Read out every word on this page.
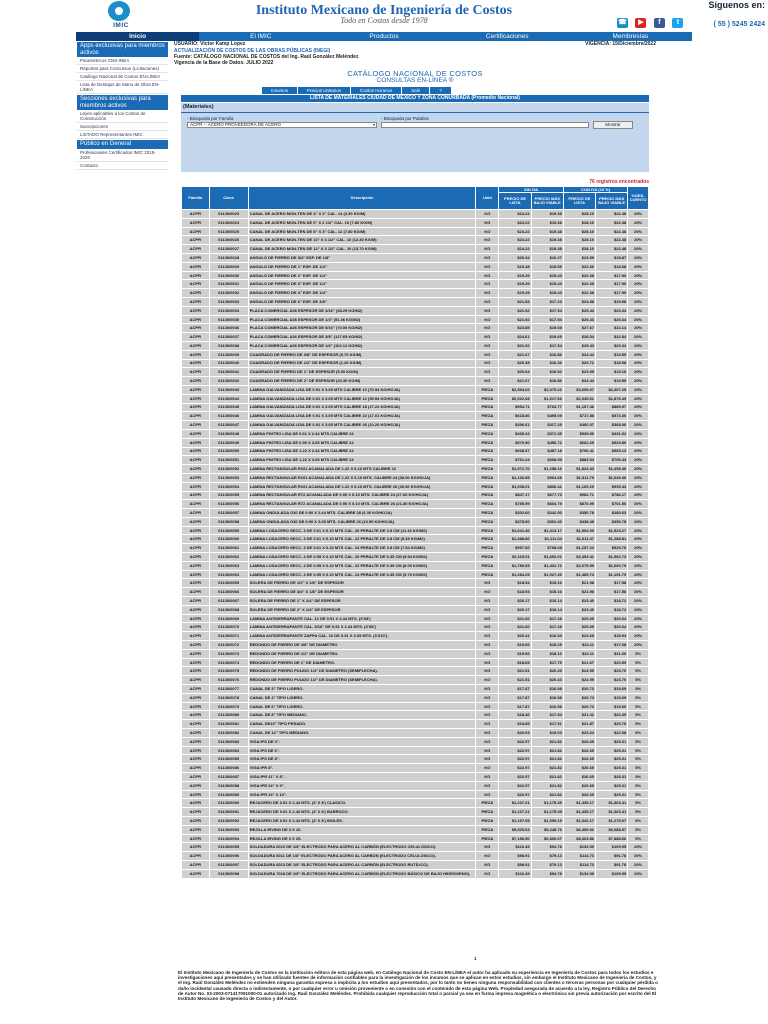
IMIC
Instituto Mexicano de Ingeniería de Costos
Todo en Costos desde 1978
Síguenos en:
☎ ▶ f t	( 55 ) 5245 2424
Inicio	El IMIC	Productos	Certificaciones	Membresías
Apps exclusivas para miembros activos
Paramétricos CNS-INEA
Reportes para Concursos (Licitaciones)
Catálogo Nacional de Costos EN-LÍNEA
Lista de Destajos de Mano de Obra EN-LÍNEA
Secciones exclusivas para miembros activos
Leyes aplicables a los Costos de Construcción
Suscripciones
LISTADO Representantes IMIC
Público en General
Profesionales Certificados IMIC 2015-2020
Contacto
USUARIO: Victor Kamp Lopez	VIGENCIA: 15/Diciembre/2022
ACTUALIZACIÓN DE COSTOS DE LAS OBRAS PÚBLICAS (INEGI)
Fuente: CATÁLOGO NACIONAL DE COSTOS del Ing. Raúl González Meléndez
Vigencia de la Base de Datos: JULIO 2022
CATÁLOGO NACIONAL DE COSTOS
CONSULTAS EN-LÍNEA ®
Insumos	Precios Unitarios	Costos Horarios	Salir	?
LISTA DE MATERIALES CIUDAD DE MÉXICO Y ZONA CONURBADA (Promedio Nacional)
(Materiales)
- Búsqueda por Familia	- Búsqueda por Palabra
ACPR -- ACERO PROVEEDORA DE ACERO	▾	Mostrar
76 registros encontrados
Familia	Clave	Descripción	Unid	SIN IVA		CON IVA (16 %)		%DES-CUENTO
				PRECIO DE LISTA	PRECIO MÁS BAJO VIABLE	PRECIO DE LISTA	PRECIO MÁS BAJO VIABLE	
ACPR	01130/0023	CANAL DE ACERO MON-TEN DE 4" X 2" CAL. 14 (3.39 KG/M)	KG	$24.22	$19.38	$28.10	$22.48	20%
ACPR	01130/0024	CANAL DE ACERO MON-TEN DE 6" X 2 1/2" CAL. 10 (7.80 KG/M)	KG	$24.22	$19.38	$28.10	$22.48	20%
ACPR	01130/0025	CANAL DE ACERO MON-TEN DE 8" X 3" CAL. 12 (7.80 KG/M)	KG	$24.22	$19.38	$28.10	$22.48	20%
ACPR	01130/0026	CANAL DE ACERO MON-TEN DE 10" X 3 1/2" CAL. 10 (12.30 KG/M)	KG	$24.22	$19.38	$28.10	$22.48	20%
ACPR	01130/0027	CANAL DE ACERO MON-TEN DE 12" X 3 1/2" CAL. 10 (13.70 KG/M)	KG	$24.22	$19.38	$28.10	$22.48	20%
ACPR	01130/0028	ANGULO DE FIERRO DE 3/4" ESP. DE 1/8"	KG	$20.34	$16.27	$23.59	$18.87	20%
ACPR	01130/0029	ANGULO DE FIERRO DE 1" ESP. DE 1/4"	KG	$19.48	$15.59	$22.60	$18.08	20%
ACPR	01130/0030	ANGULO DE FIERRO DE 2" ESP. DE 1/4"	KG	$19.29	$15.43	$22.38	$17.90	20%
ACPR	01130/0031	ANGULO DE FIERRO DE 3" ESP. DE 1/4"	KG	$19.29	$15.43	$22.38	$17.90	20%
ACPR	01130/0032	ANGULO DE FIERRO DE 4" ESP. DE 1/4"	KG	$19.29	$15.43	$22.38	$17.90	20%
ACPR	01130/0033	ANGULO DE FIERRO DE 6" ESP. DE 3/8"	KG	$21.53	$17.23	$24.98	$19.98	20%
ACPR	01130/0034	PLACA COMERCIAL A36 ESPESOR DE 3/16" (38.29 KG/M2)	KG	$21.92	$17.54	$25.43	$20.34	20%
ACPR	01130/0035	PLACA COMERCIAL A36 ESPESOR DE 1/4" (51.06 KG/M2)	KG	$21.92	$17.54	$25.43	$20.34	20%
ACPR	01130/0036	PLACA COMERCIAL A36 ESPESOR DE 5/16" (70.00 KG/M2)	KG	$23.85	$19.08	$27.67	$22.14	20%
ACPR	01130/0037	PLACA COMERCIAL A36 ESPESOR DE 3/8" (127.65 KG/M2)	KG	$24.61	$19.69	$28.54	$22.84	20%
ACPR	01130/0038	PLACA COMERCIAL A36 ESPESOR DE 1/2" (102.12 KG/M2)	KG	$21.92	$17.54	$25.43	$20.34	20%
ACPR	01130/0039	CUADRADO DE FIERRO DE 3/8" DE ESPESOR (0.70 KG/M)	KG	$21.07	$16.86	$24.44	$19.55	20%
ACPR	01130/0040	CUADRADO DE FIERRO DE 1/2" DE ESPESOR (1.26 KG/M)	KG	$20.45	$16.36	$23.72	$18.98	20%
ACPR	01130/0041	CUADRADO DE FIERRO DE 1" DE ESPESOR (5.00 KG/M)	KG	$20.64	$16.52	$23.95	$19.16	20%
ACPR	01130/0042	CUADRADO DE FIERRO DE 2" DE ESPESOR (20.30 KG/M)	KG	$21.07	$16.86	$24.44	$19.55	20%
ACPR	01130/0043	LAMINA GALVANIZADA LISA DE 0.91 X 3.05 MTS CALIBRE 10 (70.54 KG/HOJA)	PIEZA	$2,594.02	$2,075.22	$3,009.07	$2,407.25	20%
ACPR	01130/0044	LAMINA GALVANIZADA LISA DE 0.91 X 3.05 MTS CALIBRE 12 (59.54 KG/HOJA)	PIEZA	$2,022.08	$1,617.66	$2,345.61	$1,876.49	20%
ACPR	01130/0045	LAMINA GALVANIZADA LISA DE 0.91 X 3.05 MTS CALIBRE 18 (27.22 KG/HOJA)	PIEZA	$954.71	$763.77	$1,107.46	$885.97	20%
ACPR	01130/0046	LAMINA GALVANIZADA LISA DE 0.91 X 3.05 MTS CALIBRE 22 (17.01 KG/HOJA)	PIEZA	$618.86	$495.09	$717.88	$574.30	20%
ACPR	01130/0047	LAMINA GALVANIZADA LISA DE 0.91 X 3.05 MTS CALIBRE 26 (10.20 KG/HOJA)	PIEZA	$396.61	$317.29	$460.07	$368.06	20%
ACPR	01130/0048	LAMINA PINTRO LISA DE 0.61 X 2.44 MTS CALIBRE 24	PIEZA	$465.43	$372.35	$539.90	$431.92	20%
ACPR	01130/0049	LAMINA PINTRO LISA DE 0.90 X 3.05 MTS CALIBRE 24	PIEZA	$570.90	$456.72	$662.25	$529.80	20%
ACPR	01130/0050	LAMINA PINTRO LISA DE 1.22 X 2.44 MTS CALIBRE 24	PIEZA	$608.97	$487.18	$706.41	$565.13	20%
ACPR	01130/0051	LAMINA PINTRO LISA DE 1.22 X 3.05 MTS CALIBRE 24	PIEZA	$761.24	$608.99	$883.04	$706.43	20%
ACPR	01130/0052	LAMINA RECTANGULAR R101 ACANALADA DE 1.22 X 6.10 MTS CALIBRE 22	PIEZA	$1,572.70	$1,258.16	$1,824.33	$1,459.46	20%
ACPR	01130/0053	LAMINA RECTANGULAR R101 ACANALADA DE 1.22 X 6.10 MTS. CALIBRE 24 (38.00 KG/HOJA)	PIEZA	$1,130.85	$904.68	$1,311.79	$1,049.36	20%
ACPR	01130/0054	LAMINA RECTANGULAR R101 ACANALADA DE 1.22 X 6.10 MTS. CALIBRE 26 (30.00 KG/HOJA)	PIEZA	$1,008.01	$806.41	$1,169.29	$935.43	20%
ACPR	01130/0055	LAMINA RECTANGULAR R72 ACANALADA DE 0.90 X 6.10 MTS. CALIBRE 24 (27.60 KG/HOJA)	PIEZA	$847.17	$677.73	$982.71	$786.17	20%
ACPR	01130/0056	LAMINA RECTANGULAR R72 ACANALADA DE 0.90 X 6.10 MTS. CALIBRE 26 (21.80 KG/HOJA)	PIEZA	$755.99	$604.79	$876.95	$701.56	20%
ACPR	01130/0057	LAMINA ONDULADA O30 DE 0.90 X 2.44 MTS. CALIBRE 28 (6.30 KG/HOJA)	PIEZA	$302.60	$242.50	$350.78	$280.63	20%
ACPR	01130/0058	LAMINA ONDULADA O30 DE 0.90 X 3.05 MTS. CALIBRE 26 (10.50 KG/HOJA)	PIEZA	$378.00	$302.40	$438.48	$350.78	20%
ACPR	01130/0059	LAMINA LOSACERO SECC. 3 DE 0.61 X 6.10 MTS CAL. 20 PERALTE DE 3.8 CM (11.16 KG/M2)	PIEZA	$1,641.46	$1,313.17	$1,904.09	$1,523.27	20%
ACPR	01130/0060	LAMINA LOSACERO SECC. 3 DE 0.61 X 6.10 MTS CAL. 22 PERALTE DE 3.8 CM (9.35 KG/M2)	PIEZA	$1,388.86	$1,111.04	$1,611.07	$1,288.81	20%
ACPR	01130/0061	LAMINA LOSACERO SECC. 3 DE 0.61 X 6.10 MTS CAL. 24 PERALTE DE 3.8 CM (7.54 KG/M2)	PIEZA	$997.60	$798.08	$1,157.22	$925.78	20%
ACPR	01130/0062	LAMINA LOSACERO SECC. 4 DE 0.95 X 6.10 MTS CAL. 20 PERALTE DE 6.35 CM (9.54 KG/M2)	PIEZA	$2,115.01	$1,692.01	$2,453.41	$1,962.73	20%
ACPR	01130/0063	LAMINA LOSACERO SECC. 4 DE 0.95 X 6.10 MTS CAL. 22 PERALTE DE 6.35 CM (8.00 KG/M2)	PIEZA	$1,789.65	$1,431.72	$2,075.99	$1,660.79	20%
ACPR	01130/0064	LAMINA LOSACERO SECC. 4 DE 0.95 X 6.10 MTS CAL. 24 PERALTE DE 6.35 CM (5.70 KG/M2)	PIEZA	$1,284.25	$1,027.40	$1,489.73	$1,191.79	20%
ACPR	01130/0065	SOLERA DE FIERRO DE 1/2" X 1/8" DE ESPESOR	KG	$18.94	$15.16	$21.98	$17.58	20%
ACPR	01130/0066	SOLERA DE FIERRO DE 3/4" X 1/8" DE ESPESOR	KG	$18.94	$15.16	$21.98	$17.58	20%
ACPR	01130/0067	SOLERA DE FIERRO DE 1" X 1/4" DE ESPESOR	KG	$20.17	$16.14	$23.40	$18.72	20%
ACPR	01130/0068	SOLERA DE FIERRO DE 2" X 1/4" DE ESPESOR	KG	$20.17	$16.14	$23.40	$18.72	20%
ACPR	01130/0069	LAMINA ANTIDERRAPANTE CAL. 12 DE 0.91 X 2.44 MTS. (3'X8')	KG	$21.60	$17.28	$25.05	$20.04	20%
ACPR	01130/0070	LAMINA ANTIDERRAPANTE CAL. 3/16" DE 0.91 X 2.44 MTS. (3'X8')	KG	$21.60	$17.28	$25.05	$20.04	20%
ACPR	01130/0071	LAMINA ANTIDERRAPANTE ZAPPA CAL. 16 DE 0.91 X 3.05 MTS. (3'X10').	KG	$20.41	$16.33	$23.68	$18.94	20%
ACPR	01130/0072	REDONDO DE FIERRO DE 3/8" DE DIAMETRO	KG	$19.06	$15.25	$22.11	$17.68	20%
ACPR	01130/0073	REDONDO DE FIERRO DE 1/2" DE DIAMETRO.	KG	$19.06	$18.10	$22.11	$21.00	5%
ACPR	01130/0074	REDONDO DE FIERRO DE 1" DE DIAMETRO.	KG	$18.69	$17.75	$21.67	$20.59	5%
ACPR	01130/0075	REDONDO DE FIERRO PULIDO 1/4" DE DIAMETRO (SEMIFLECHA).	KG	$21.51	$20.43	$24.95	$23.70	5%
ACPR	01130/0076	REDONDO DE FIERRO PULIDO 1/2" DE DIAMETRO (SEMIFLECHA).	KG	$21.51	$20.43	$24.95	$23.70	5%
ACPR	01130/0077	CANAL DE 3" TIPO LIGERO.	KG	$17.87	$16.98	$20.73	$19.69	5%
ACPR	01130/0078	CANAL DE 4" TIPO LIGERO.	KG	$17.87	$16.98	$20.73	$19.69	5%
ACPR	01130/0079	CANAL DE 6" TIPO LIGERO.	KG	$17.87	$16.98	$20.73	$19.69	5%
ACPR	01130/0080	CANAL DE 8" TIPO MEDIANO.	KG	$18.46	$17.54	$21.42	$20.35	5%
ACPR	01130/0081	CANAL DE10" TIPO PESADO.	KG	$18.85	$17.91	$21.87	$20.78	5%
ACPR	01130/0082	CANAL DE 12" TIPO MEDIANO.	KG	$20.03	$19.03	$23.24	$22.08	5%
ACPR	01130/0083	VIGA IPS DE 3".	KG	$22.97	$21.82	$26.65	$25.31	5%
ACPR	01130/0084	VIGA IPS DE 6".	KG	$22.97	$21.82	$26.65	$25.31	5%
ACPR	01130/0085	VIGA IPS DE 8".	KG	$22.97	$21.82	$26.65	$25.31	5%
ACPR	01130/0086	VIGA IPR 8".	KG	$22.97	$21.82	$26.65	$25.31	5%
ACPR	01130/0087	VIGA IPR 21" X 8".	KG	$22.97	$21.82	$26.65	$25.31	5%
ACPR	01130/0088	VIGA IPR 24" X 9".	KG	$22.97	$21.82	$26.65	$25.31	5%
ACPR	01130/0089	VIGA IPR 24" X 13".	KG	$22.97	$21.82	$26.65	$25.31	5%
ACPR	01130/0090	REJACERO DE 0.91 X 2.44 MTS. (3' X 8') CLASICO.	PIEZA	$1,237.21	$1,175.35	$1,435.17	$1,363.41	5%
ACPR	01130/0091	REJACERO DE 0.91 X 2.44 MTS. (3' X 8') BARROCO.	PIEZA	$1,237.21	$1,175.35	$1,435.17	$1,363.41	5%
ACPR	01130/0092	REJACERO DE 0.91 X 2.44 MTS. (3' X 8') INGLES.	PIEZA	$1,157.05	$1,099.19	$1,342.17	$1,275.07	5%
ACPR	01130/0093	REJILLA IRVING DE 3 X 16.	PIEZA	$5,525.03	$5,248.76	$6,409.02	$6,088.57	5%
ACPR	01130/0094	REJILLA IRVING DE 3 X 25.	PIEZA	$7,156.50	$6,800.67	$8,303.86	$7,888.66	5%
ACPR	01130/0095	SOLDADURA 6010 DE 1/8" ELECTRODO PARA ACERO AL CARBÓN (ELECTRODO CELULÓSICO).	KG	$116.49	$94.78	$134.99	$109.95	20%
ACPR	01130/0096	SOLDADURA 6011 DE 1/8" ELECTRODO PARA ACERO AL CARBÓN (ELECTRODO CELULÓSICO).	KG	$98.91	$79.13	$114.73	$91.78	20%
ACPR	01130/0097	SOLDADURA 6013 DE 1/8" ELECTRODO PARA ACERO AL CARBÓN (ELECTRODO RUTÍLICO).	KG	$98.91	$79.13	$114.73	$91.78	20%
ACPR	01130/0098	SOLDADURA 7018 DE 1/8" ELECTRODO PARA ACERO AL CARBÓN (ELECTRODO BÁSICO DE BAJO HIDRÓGENO).	KG	$116.49	$94.78	$134.99	$109.95	20%
1
El Instituto Mexicano de Ingeniería de Costos es la institución editora de esta página web, en Catálogo Nacional de Costo EN-LÍNEA el autor ha aplicado su experiencia en Ingeniería de Costos para todos los estudios e investigaciones aquí presentados y se han utilizado fuentes de información confiables para la investigación de los insumos que se aplican en estos estudios, sin embargo el Instituto Mexicano de Ingeniería de Costos, y el Ing. Raúl González Meléndez no extienden ninguna garantía expresa o implícita a los estudios aquí presentados, por lo tanto no tienen ninguna responsabilidad con clientes o terceras personas por cualquier pérdida o daño incidental causado directa o indirectamente, o por cualquier error u omisión proveniente o en conexión con el contenido de esta página Web. Propiedad asegurada de acuerdo a la ley, Registro Público del Derecho de Autor No. 03-2003-071417091000-01 autorizado Ing. Raúl González Meléndez. Prohibida cualquier reproducción total o parcial ya sea en forma impresa magnética o electrónica sin previa autorización por escrito del El Instituto Mexicano de Ingeniería de Costos y del Autor.
